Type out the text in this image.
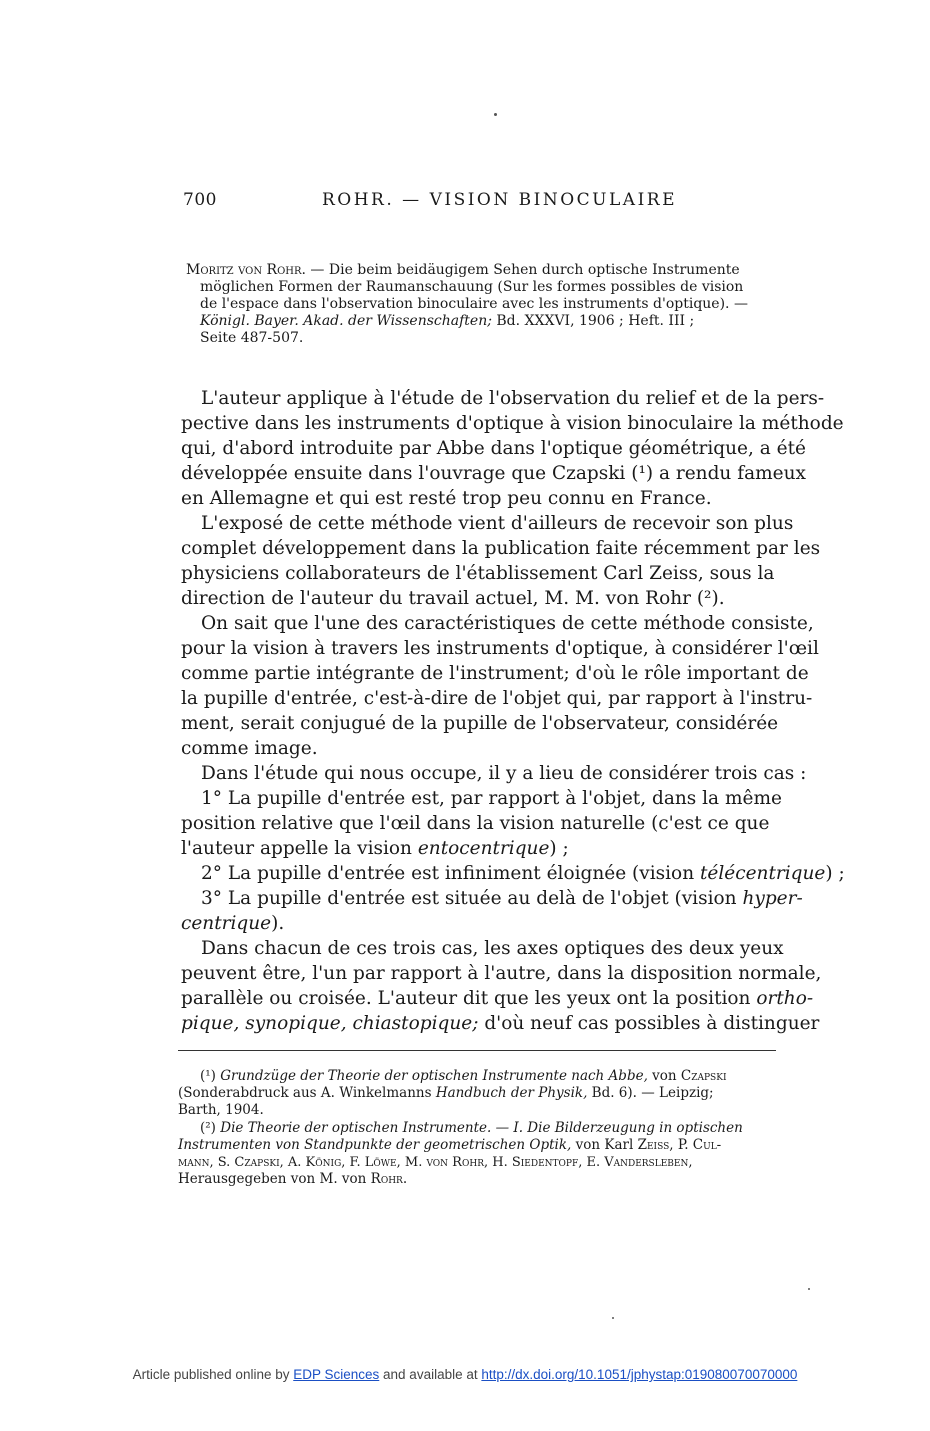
700	ROHR. — VISION BINOCULAIRE
Moritz von Rohr. — Die beim beidäugigem Sehen durch optische Instrumente
möglichen Formen der Raumanschauung (Sur les formes possibles de vision
de l'espace dans l'observation binoculaire avec les instruments d'optique). —
Königl. Bayer. Akad. der Wissenschaften; Bd. XXXVI, 1906 ; Heft. III ;
Seite 487-507.
L'auteur applique à l'étude de l'observation du relief et de la pers-
pective dans les instruments d'optique à vision binoculaire la méthode
qui, d'abord introduite par Abbe dans l'optique géométrique, a été
développée ensuite dans l'ouvrage que Czapski (¹) a rendu fameux
en Allemagne et qui est resté trop peu connu en France.
L'exposé de cette méthode vient d'ailleurs de recevoir son plus
complet développement dans la publication faite récemment par les
physiciens collaborateurs de l'établissement Carl Zeiss, sous la
direction de l'auteur du travail actuel, M. M. von Rohr (²).
On sait que l'une des caractéristiques de cette méthode consiste,
pour la vision à travers les instruments d'optique, à considérer l'œil
comme partie intégrante de l'instrument; d'où le rôle important de
la pupille d'entrée, c'est-à-dire de l'objet qui, par rapport à l'instru-
ment, serait conjugué de la pupille de l'observateur, considérée
comme image.
Dans l'étude qui nous occupe, il y a lieu de considérer trois cas :
1° La pupille d'entrée est, par rapport à l'objet, dans la même
position relative que l'œil dans la vision naturelle (c'est ce que
l'auteur appelle la vision entocentrique) ;
2° La pupille d'entrée est infiniment éloignée (vision télécentrique) ;
3° La pupille d'entrée est située au delà de l'objet (vision hyper-
centrique).
Dans chacun de ces trois cas, les axes optiques des deux yeux
peuvent être, l'un par rapport à l'autre, dans la disposition normale,
parallèle ou croisée. L'auteur dit que les yeux ont la position ortho-
pique, synopique, chiastopique; d'où neuf cas possibles à distinguer
(¹) Grundzüge der Theorie der optischen Instrumente nach Abbe, von Czapski
(Sonderabdruck aus A. Winkelmanns Handbuch der Physik, Bd. 6). — Leipzig;
Barth, 1904.
(²) Die Theorie der optischen Instrumente. — I. Die Bilderzeugung in optischen
Instrumenten von Standpunkte der geometrischen Optik, von Karl Zeiss, P. Cul-
mann, S. Czapski, A. König, F. Löwe, M. von Rohr, H. Siedentopf, E. Vandersleben,
Herausgegeben von M. von Rohr.
Article published online by EDP Sciences and available at http://dx.doi.org/10.1051/jphystap:019080070070000
